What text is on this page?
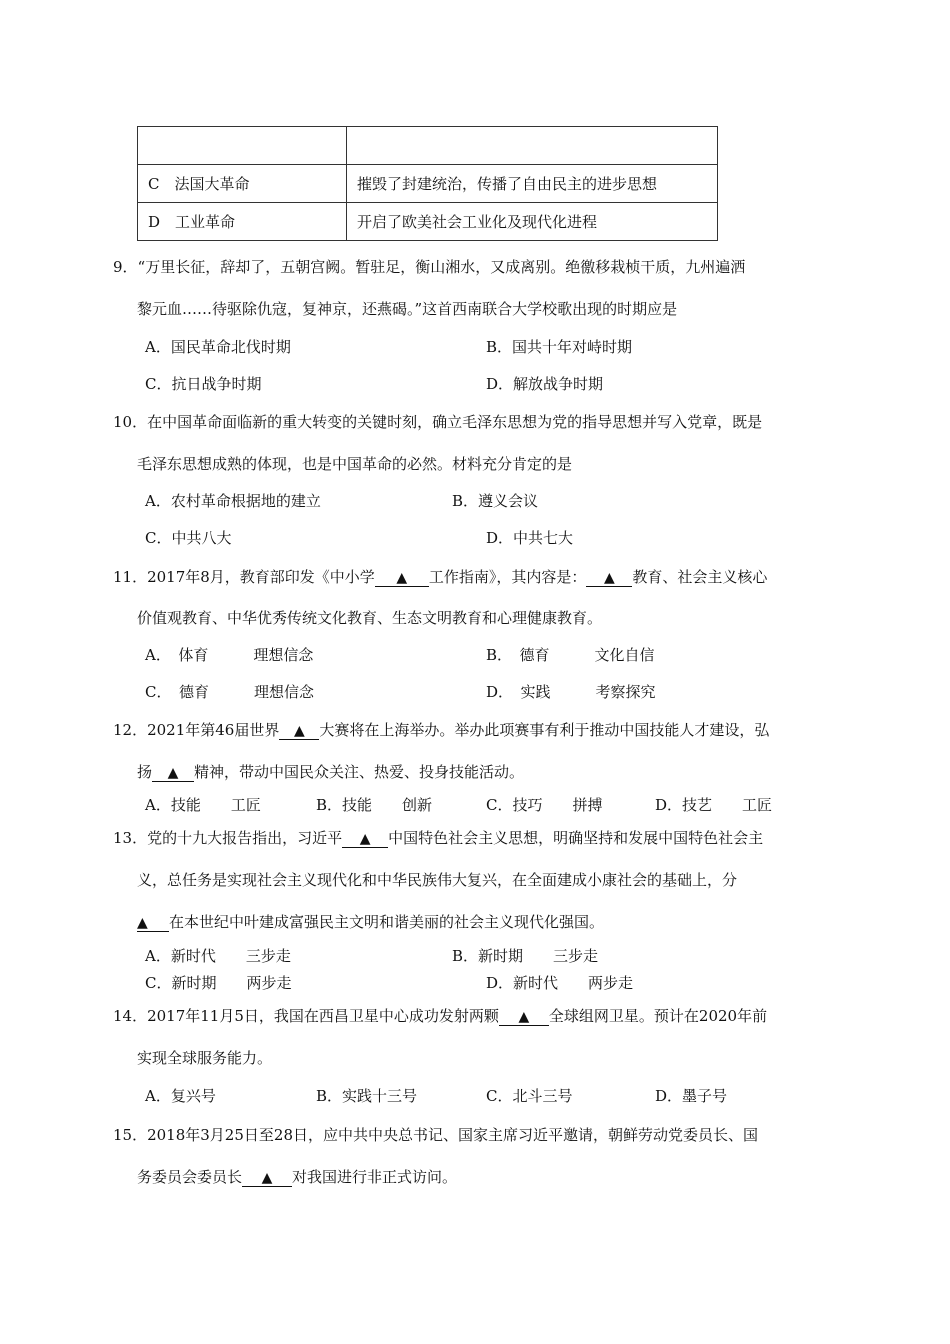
C　法国大革命	摧毁了封建统治，传播了自由民主的进步思想
D　工业革命	开启了欧美社会工业化及现代化进程
9．“万里长征，辞却了，五朝宫阙。暂驻足，衡山湘水，又成离别。绝徼移栽桢干质，九州遍洒
黎元血……待驱除仇寇，复神京，还燕碣。”这首西南联合大学校歌出现的时期应是
A．国民革命北伐时期	B．国共十年对峙时期
C．抗日战争时期	D．解放战争时期
10．在中国革命面临新的重大转变的关键时刻，确立毛泽东思想为党的指导思想并写入党章，既是
毛泽东思想成熟的体现，也是中国革命的必然。材料充分肯定的是
A．农村革命根据地的建立	B．遵义会议
C．中共八大	D．中共七大
11．2017年8月，教育部印发《中小学 ▲ 工作指南》，其内容是： ▲ 教育、社会主义核心
价值观教育、中华优秀传统文化教育、生态文明教育和心理健康教育。
A．　体育　　　理想信念	B．　德育　　　文化自信
C．　德育　　　理想信念	D．　实践　　　考察探究
12．2021年第46届世界 ▲ 大赛将在上海举办。举办此项赛事有利于推动中国技能人才建设，弘
扬 ▲ 精神，带动中国民众关注、热爱、投身技能活动。
A．技能　　工匠	B．技能　　创新	C．技巧　　拼搏	D．技艺　　工匠
13．党的十九大报告指出，习近平 ▲ 中国特色社会主义思想，明确坚持和发展中国特色社会主
义，总任务是实现社会主义现代化和中华民族伟大复兴，在全面建成小康社会的基础上，分
▲ 在本世纪中叶建成富强民主文明和谐美丽的社会主义现代化强国。
A．新时代　　三步走	B．新时期　　三步走
C．新时期　　两步走	D．新时代　　两步走
14．2017年11月5日，我国在西昌卫星中心成功发射两颗 ▲ 全球组网卫星。预计在2020年前
实现全球服务能力。
A．复兴号	B．实践十三号	C．北斗三号	D．墨子号
15．2018年3月25日至28日，应中共中央总书记、国家主席习近平邀请，朝鲜劳动党委员长、国
务委员会委员长 ▲ 对我国进行非正式访问。
